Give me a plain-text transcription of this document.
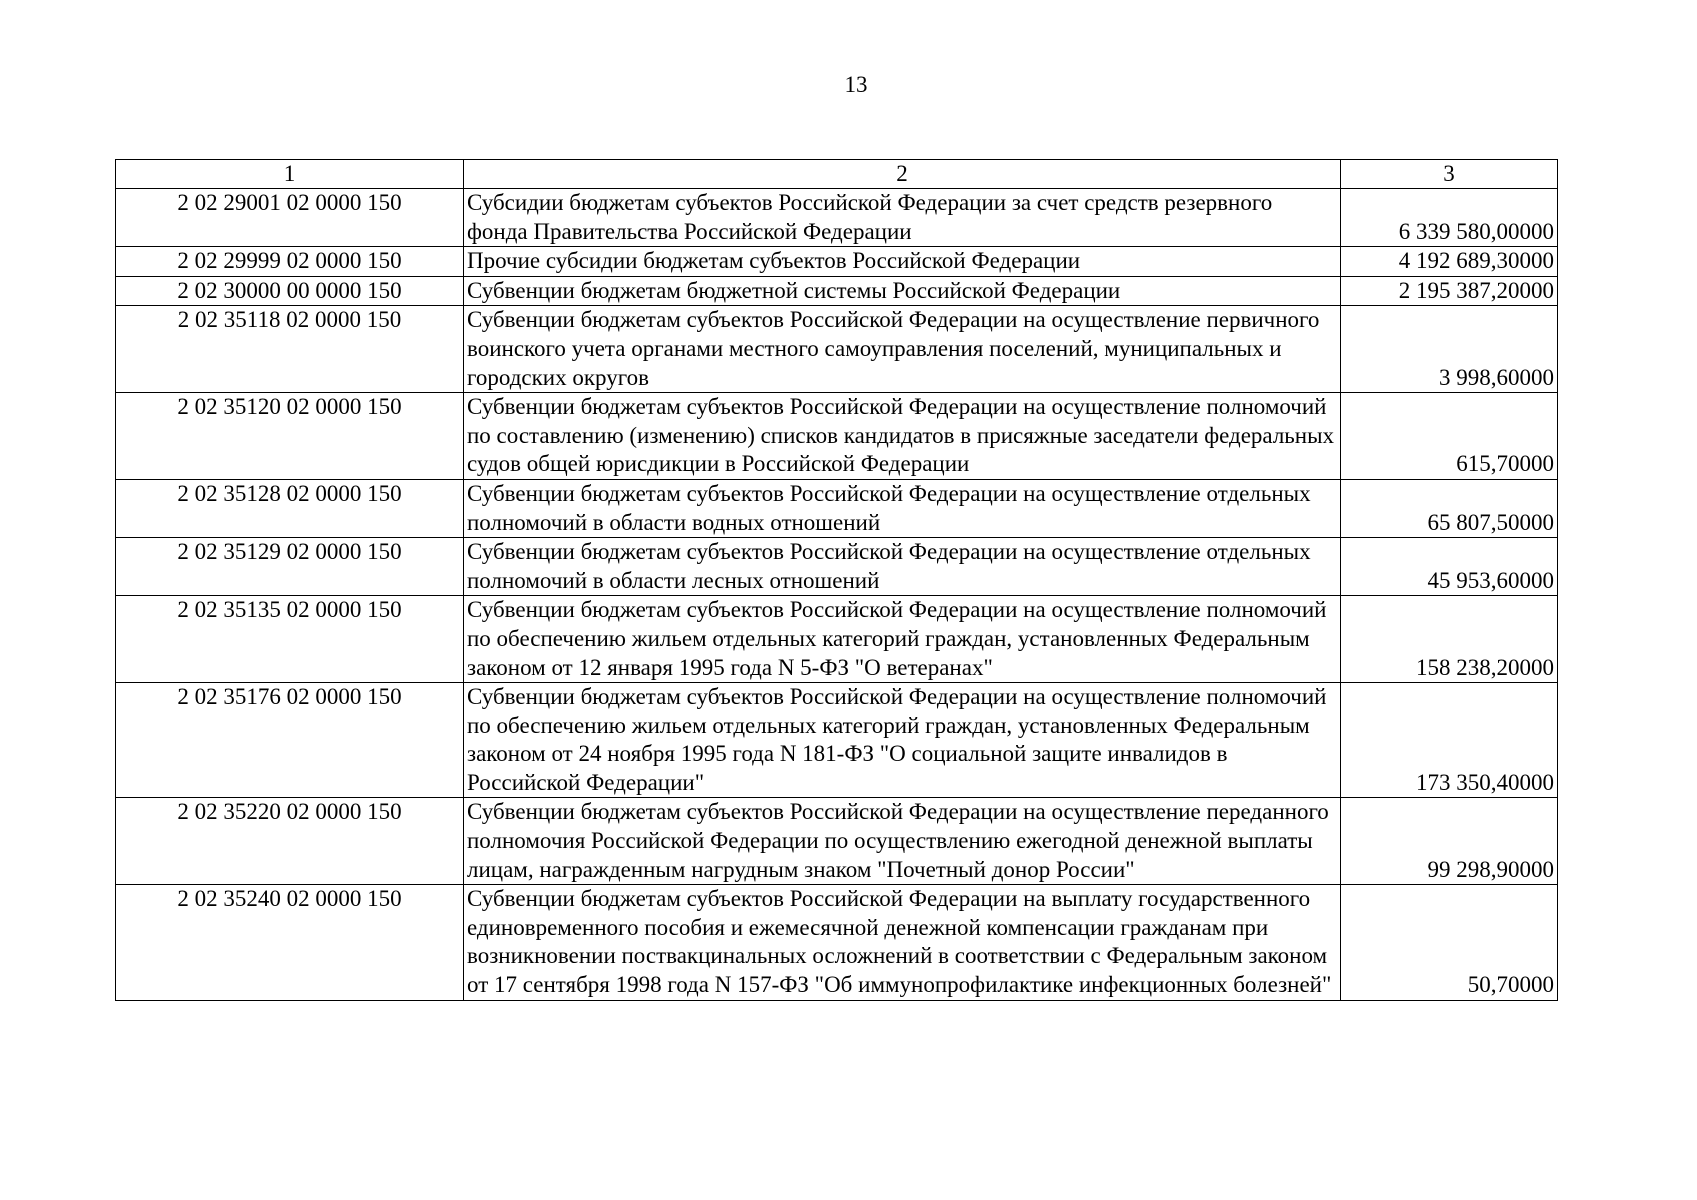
13
1	2	3
2 02 29001 02 0000 150	Субсидии бюджетам субъектов Российской Федерации за счет средств резервного фонда Правительства Российской Федерации	6 339 580,00000
2 02 29999 02 0000 150	Прочие субсидии бюджетам субъектов Российской Федерации	4 192 689,30000
2 02 30000 00 0000 150	Субвенции бюджетам бюджетной системы Российской Федерации	2 195 387,20000
2 02 35118 02 0000 150	Субвенции бюджетам субъектов Российской Федерации на осуществление первичного воинского учета органами местного самоуправления поселений, муниципальных и городских округов	3 998,60000
2 02 35120 02 0000 150	Субвенции бюджетам субъектов Российской Федерации на осуществление полномочий по составлению (изменению) списков кандидатов в присяжные заседатели федеральных судов общей юрисдикции в Российской Федерации	615,70000
2 02 35128 02 0000 150	Субвенции бюджетам субъектов Российской Федерации на осуществление отдельных полномочий в области водных отношений	65 807,50000
2 02 35129 02 0000 150	Субвенции бюджетам субъектов Российской Федерации на осуществление отдельных полномочий в области лесных отношений	45 953,60000
2 02 35135 02 0000 150	Субвенции бюджетам субъектов Российской Федерации на осуществление полномочий по обеспечению жильем отдельных категорий граждан, установленных Федеральным законом от 12 января 1995 года N 5-ФЗ "О ветеранах"	158 238,20000
2 02 35176 02 0000 150	Субвенции бюджетам субъектов Российской Федерации на осуществление полномочий по обеспечению жильем отдельных категорий граждан, установленных Федеральным законом от 24 ноября 1995 года N 181-ФЗ "О социальной защите инвалидов в Российской Федерации"	173 350,40000
2 02 35220 02 0000 150	Субвенции бюджетам субъектов Российской Федерации на осуществление переданного полномочия Российской Федерации по осуществлению ежегодной денежной выплаты лицам, награжденным нагрудным знаком "Почетный донор России"	99 298,90000
2 02 35240 02 0000 150	Субвенции бюджетам субъектов Российской Федерации на выплату государственного единовременного пособия и ежемесячной денежной компенсации гражданам при возникновении поствакцинальных осложнений в соответствии с Федеральным законом от 17 сентября 1998 года N 157-ФЗ "Об иммунопрофилактике инфекционных болезней"	50,70000
